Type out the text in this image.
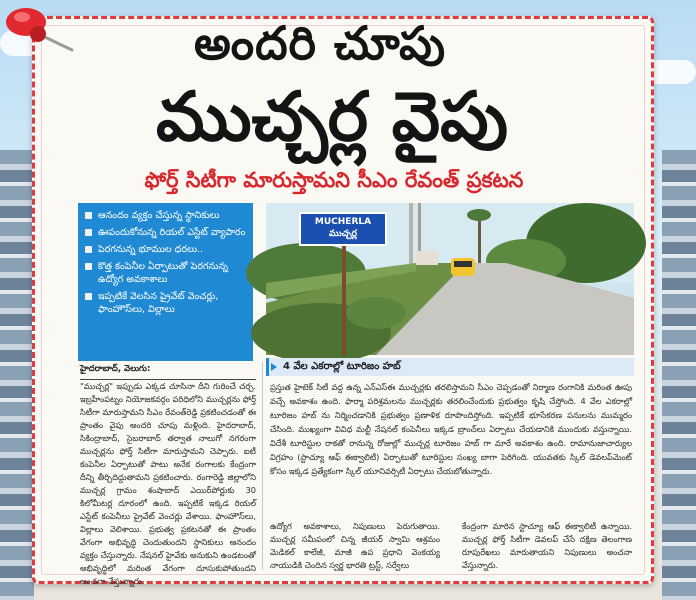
అందరి చూపు
ముచ్చర్ల వైపు
ఫోర్త్ సిటీగా మారుస్తామని సీఎం రేవంత్ ప్రకటన
ఆనందం వ్యక్తం చేస్తున్న స్థానికులు
ఊపందుకోనున్న రియల్ ఎస్టేట్ వ్యాపారం
పెరగనున్న భూముల ధరలు..
కొత్త కంపెనీల ఏర్పాటుతో పెరగనున్న ఉద్యోగ అవకాశాలు
ఇప్పటికే వెలసిన ప్రైవేట్ వెంచర్లు, ఫాంహౌస్‌లు, విల్లాలు
MUCHERLA
ముచ్చర్ల
4 వేల ఎకరాల్లో టూరిజం హబ్
హైదరాబాద్, వెలుగు:
"ముచ్చర్ల" ఇప్పుడు ఎక్కడ చూసినా దీని గురించే చర్చ. ఇబ్రహీంపట్నం నియోజకవర్గం పరిధిలోని ముచ్చర్లను ఫోర్త్ సిటీగా మారుస్తామని సీఎం రేవంత్‌రెడ్డి ప్రకటించడంతో ఈ ప్రాంతం వైపు అందరి చూపు మళ్లింది. హైదరాబాద్, సికింద్రాబాద్, సైబరాబాద్ తర్వాత నాలుగో నగరంగా ముచ్చర్లను ఫోర్త్ సిటీగా మారుస్తామని చెప్పారు. ఐటీ కంపెనీల ఏర్పాటుతో పాటు అనేక రంగాలకు కేంద్రంగా దీన్ని తీర్చిదిద్దుతామని ప్రకటించారు. రంగారెడ్డి జిల్లాలోని ముచ్చర్ల గ్రామం శంషాబాద్ ఎయిర్‌పోర్టుకు 30 కిలోమీటర్ల దూరంలో ఉంది. ఇప్పటికే ఇక్కడ రియల్ ఎస్టేట్ కంపెనీలు ప్రైవేట్ వెంచర్లు వేశాయి. ఫాంహౌస్‌లు, విల్లాలు వెలిశాయి. ప్రభుత్వ ప్రకటనతో ఈ ప్రాంతం వేగంగా అభివృద్ధి చెందుతుందని స్థానికులు ఆనందం వ్యక్తం చేస్తున్నారు. నేషనల్ హైవేకు అనుకుని ఉండటంతో అభివృద్ధిలో మరింత వేగంగా దూసుకుపోతుందని అంచనా వేస్తున్నారు.
ప్రస్తుత హైటెక్ సిటీ వద్ద ఉన్న ఎన్ఎస్ఈ ముచ్చర్లకు తరలిస్తామని సీఎం చెప్పడంతో నిర్మాణ రంగానికి మరింత ఊపు వచ్చే అవకాశం ఉంది. ఫార్మా పరిశ్రమలను ముచ్చర్లకు తరలించేందుకు ప్రభుత్వం కృషి చేస్తోంది. 4 వేల ఎకరాల్లో టూరిజం హబ్ ను నిర్మించడానికి ప్రభుత్వం ప్రణాళిక రూపొందిస్తోంది. ఇప్పటికే భూసేకరణ పనులను ముమ్మరం చేసింది. ముఖ్యంగా వివిధ మల్టీ నేషనల్ కంపెనీలు ఇక్కడ బ్రాంచ్‌లు ఏర్పాటు చేయడానికి ముందుకు వస్తున్నాయి. విదేశీ టూరిస్టుల రాకతో రానున్న రోజుల్లో ముచ్చర్ల టూరిజం హబ్ గా మారే అవకాశం ఉంది. రామానుజాచార్యుల విగ్రహం (స్టాచ్యూ ఆఫ్ ఈక్వాలిటీ) ఏర్పాటుతో టూరిస్టుల సంఖ్య బాగా పెరిగింది. యువతకు స్కిల్ డెవలప్‌మెంట్ కోసం ఇక్కడ ప్రత్యేకంగా స్కిల్ యూనివర్సిటీ ఏర్పాటు చేయబోతున్నారు.
ఉద్యోగ అవకాశాలు, నిపుణులు పెరుగుతాయి. ముచ్చర్ల సమీపంలో చిన్న జీయర్ స్వామి ఆశ్రమం మెడికల్ కాలేజీ, మాజీ ఉప ప్రధాని వెంకయ్య నాయుడికి చెందిన స్వర్ణ భారతి ట్రస్ట్, సర్వేలు
కేంద్రంగా మారిన స్టాచ్యూ ఆఫ్ ఈక్వాలిటీ ఉన్నాయి. ముచ్చర్ల ఫోర్త్ సిటీగా డెవలప్ చేసే దక్షిణ తెలంగాణ రూపురేఖలు మారుతాయని నిపుణులు అంచనా వేస్తున్నారు.
